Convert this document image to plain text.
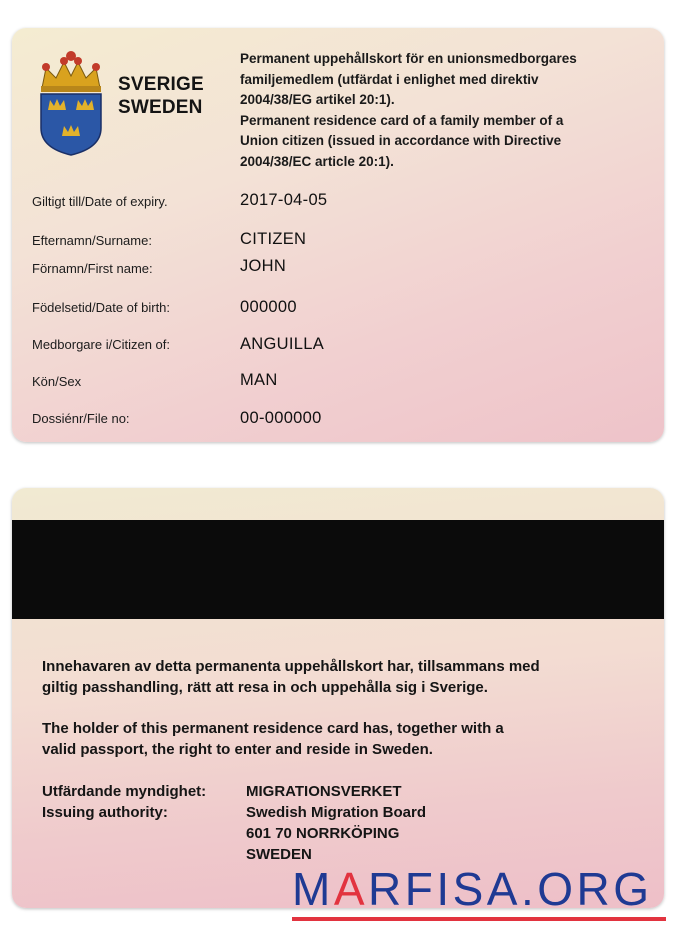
SVERIGE
SWEDEN
Permanent uppehållskort för en unionsmedborgares
familjemedlem (utfärdat i enlighet med direktiv
2004/38/EG artikel 20:1).
Permanent residence card of a family member of a
Union citizen (issued in accordance with Directive
2004/38/EC article 20:1).
Giltigt till/Date of expiry.	2017-04-05
Efternamn/Surname:	CITIZEN
Förnamn/First name:	JOHN
Födelsetid/Date of birth:	000000
Medborgare i/Citizen of:	ANGUILLA
Kön/Sex	MAN
Dossiénr/File no:	00-000000
Innehavaren av detta permanenta uppehållskort har, tillsammans med
giltig passhandling, rätt att resa in och uppehålla sig i Sverige.
The holder of this permanent residence card has, together with a
valid passport, the right to enter and reside in Sweden.
Utfärdande myndighet:
Issuing authority:
MIGRATIONSVERKET
Swedish Migration Board
601 70 NORRKÖPING
SWEDEN
MARFISA.ORG
